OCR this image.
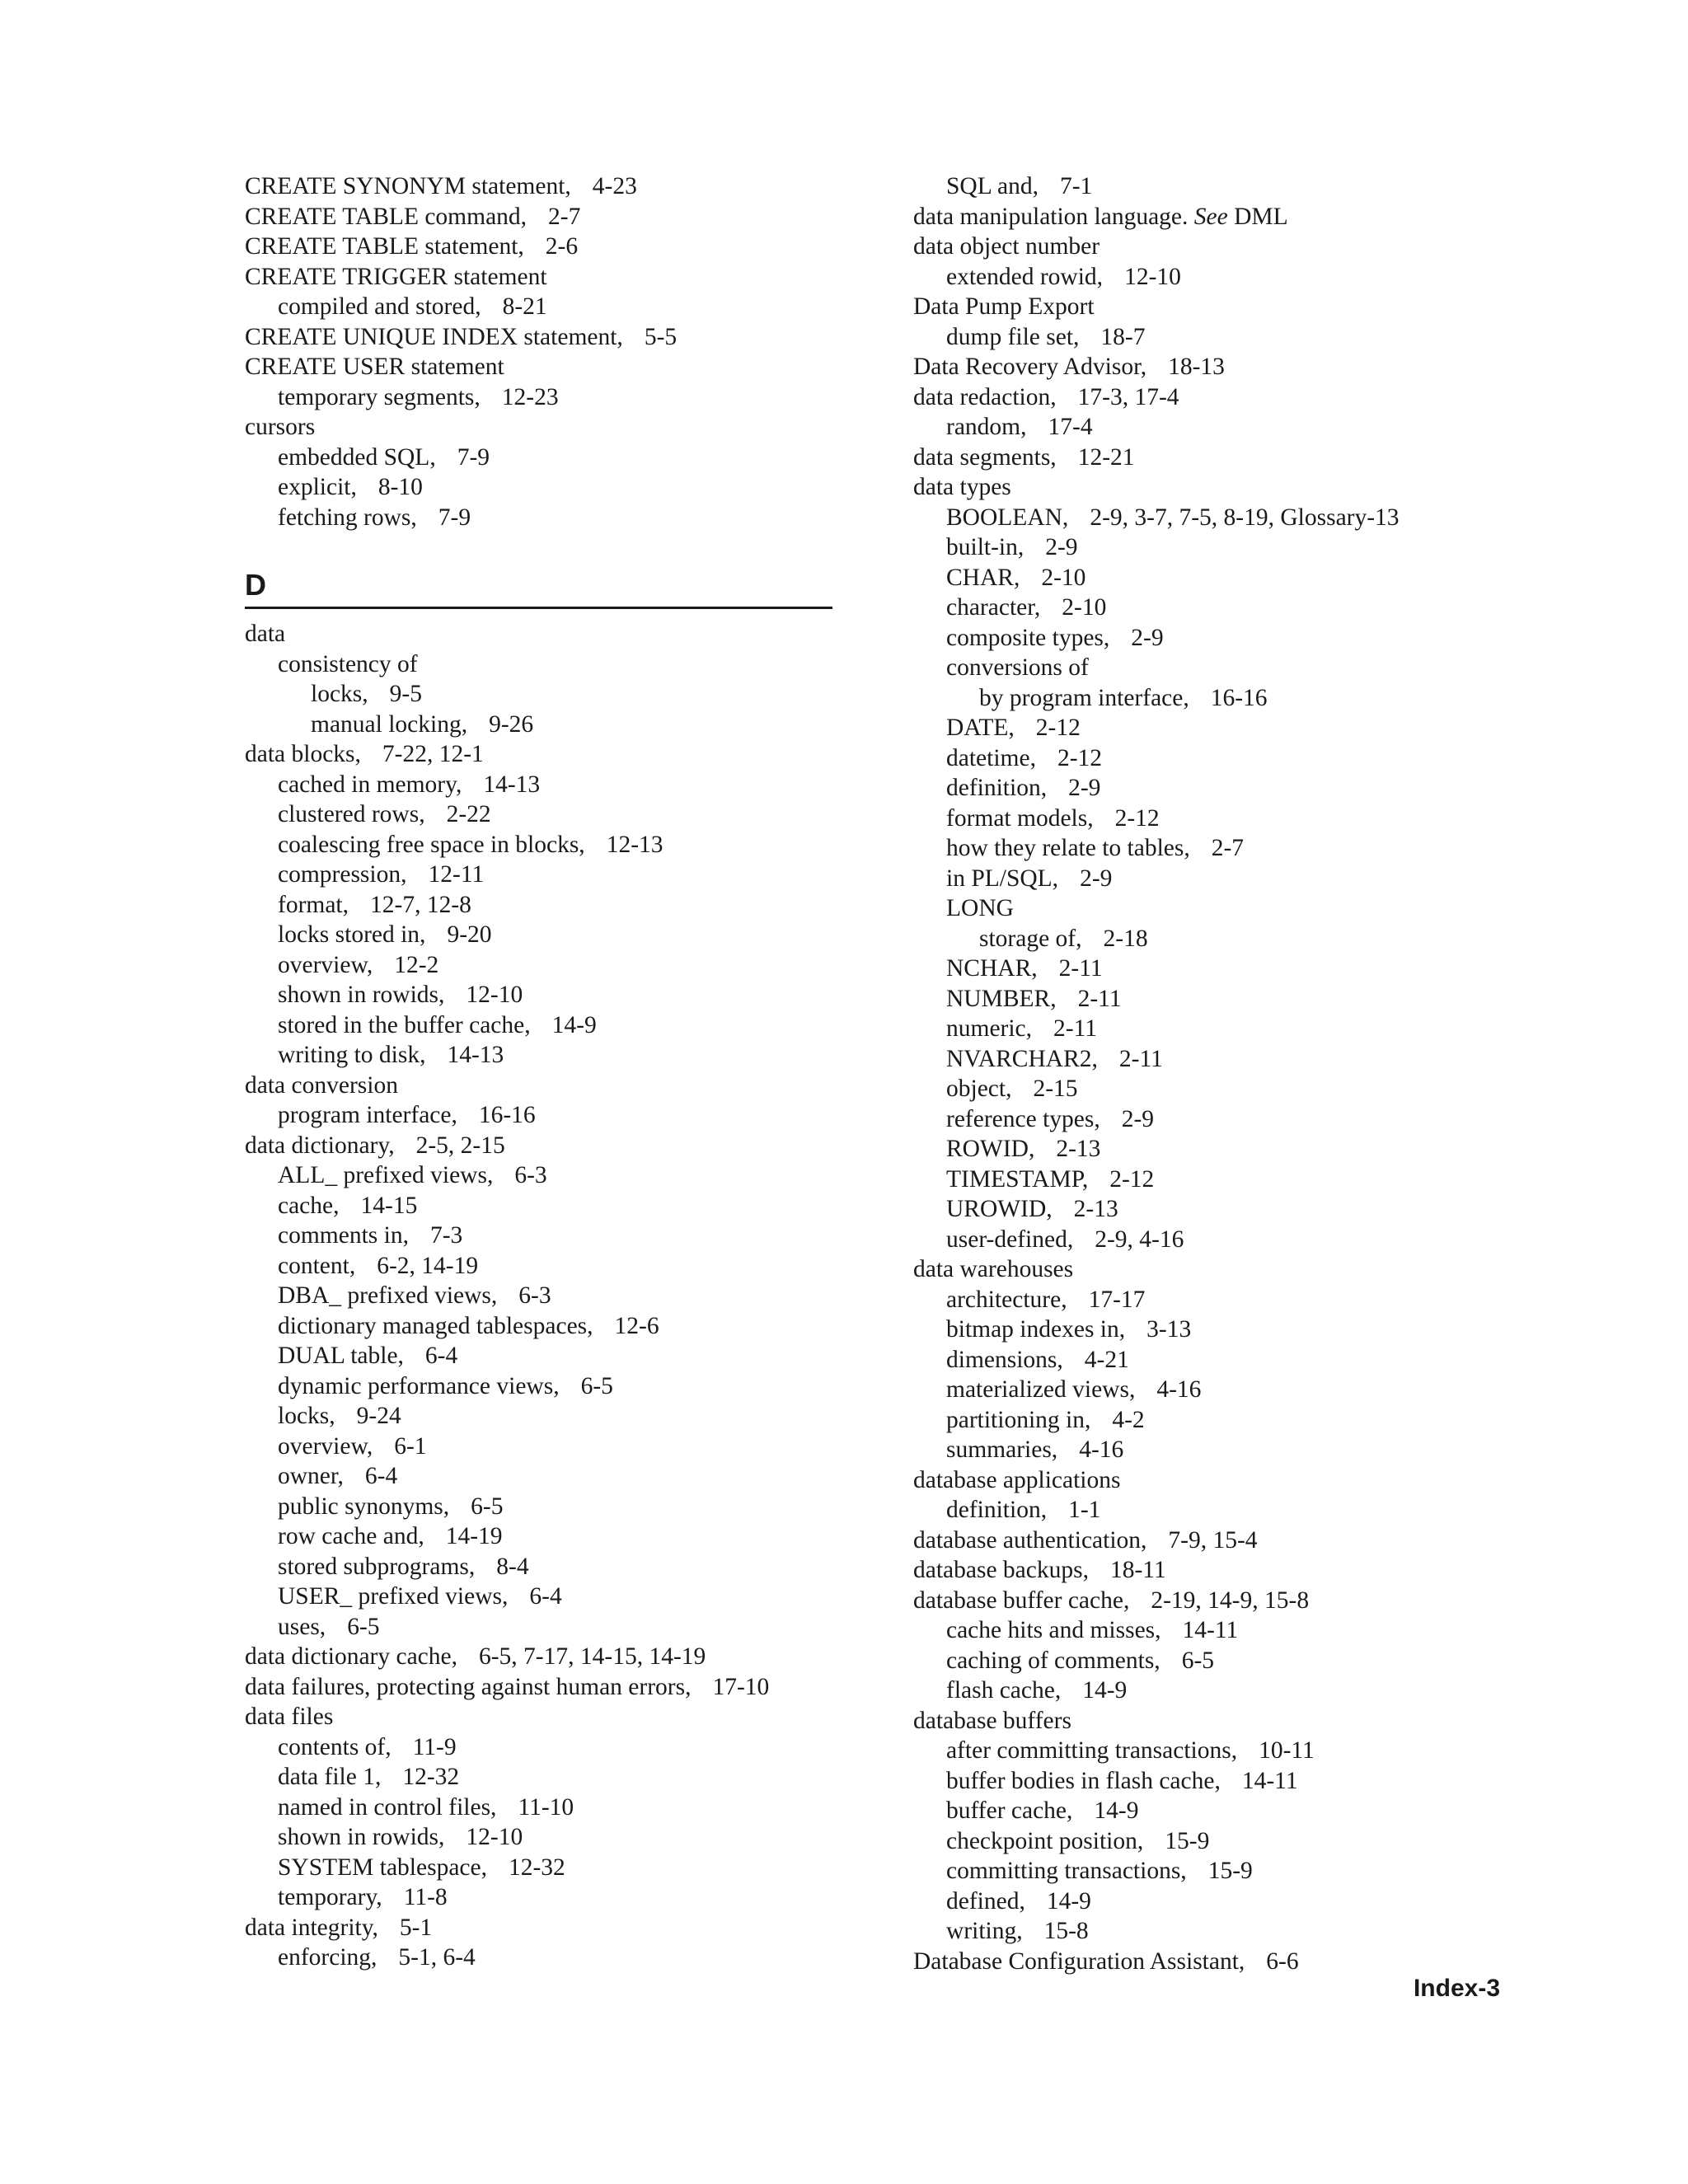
CREATE SYNONYM statement, 4-23
CREATE TABLE command, 2-7
CREATE TABLE statement, 2-6
CREATE TRIGGER statement
compiled and stored, 8-21
CREATE UNIQUE INDEX statement, 5-5
CREATE USER statement
temporary segments, 12-23
cursors
embedded SQL, 7-9
explicit, 8-10
fetching rows, 7-9
D
data
consistency of
locks, 9-5
manual locking, 9-26
data blocks, 7-22, 12-1
cached in memory, 14-13
clustered rows, 2-22
coalescing free space in blocks, 12-13
compression, 12-11
format, 12-7, 12-8
locks stored in, 9-20
overview, 12-2
shown in rowids, 12-10
stored in the buffer cache, 14-9
writing to disk, 14-13
data conversion
program interface, 16-16
data dictionary, 2-5, 2-15
ALL_ prefixed views, 6-3
cache, 14-15
comments in, 7-3
content, 6-2, 14-19
DBA_ prefixed views, 6-3
dictionary managed tablespaces, 12-6
DUAL table, 6-4
dynamic performance views, 6-5
locks, 9-24
overview, 6-1
owner, 6-4
public synonyms, 6-5
row cache and, 14-19
stored subprograms, 8-4
USER_ prefixed views, 6-4
uses, 6-5
data dictionary cache, 6-5, 7-17, 14-15, 14-19
data failures, protecting against human errors, 17-10
data files
contents of, 11-9
data file 1, 12-32
named in control files, 11-10
shown in rowids, 12-10
SYSTEM tablespace, 12-32
temporary, 11-8
data integrity, 5-1
enforcing, 5-1, 6-4
SQL and, 7-1
data manipulation language. See DML
data object number
extended rowid, 12-10
Data Pump Export
dump file set, 18-7
Data Recovery Advisor, 18-13
data redaction, 17-3, 17-4
random, 17-4
data segments, 12-21
data types
BOOLEAN, 2-9, 3-7, 7-5, 8-19, Glossary-13
built-in, 2-9
CHAR, 2-10
character, 2-10
composite types, 2-9
conversions of
by program interface, 16-16
DATE, 2-12
datetime, 2-12
definition, 2-9
format models, 2-12
how they relate to tables, 2-7
in PL/SQL, 2-9
LONG
storage of, 2-18
NCHAR, 2-11
NUMBER, 2-11
numeric, 2-11
NVARCHAR2, 2-11
object, 2-15
reference types, 2-9
ROWID, 2-13
TIMESTAMP, 2-12
UROWID, 2-13
user-defined, 2-9, 4-16
data warehouses
architecture, 17-17
bitmap indexes in, 3-13
dimensions, 4-21
materialized views, 4-16
partitioning in, 4-2
summaries, 4-16
database applications
definition, 1-1
database authentication, 7-9, 15-4
database backups, 18-11
database buffer cache, 2-19, 14-9, 15-8
cache hits and misses, 14-11
caching of comments, 6-5
flash cache, 14-9
database buffers
after committing transactions, 10-11
buffer bodies in flash cache, 14-11
buffer cache, 14-9
checkpoint position, 15-9
committing transactions, 15-9
defined, 14-9
writing, 15-8
Database Configuration Assistant, 6-6
Index-3
